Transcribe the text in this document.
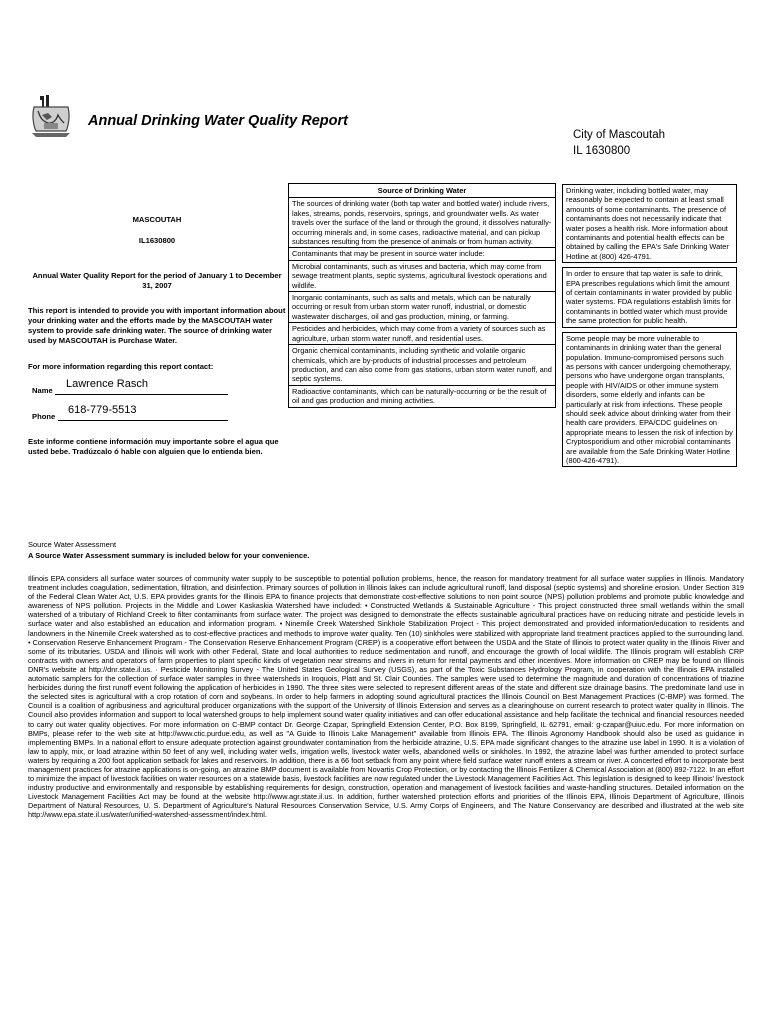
Annual Drinking Water Quality Report
City of Mascoutah
IL 1630800
MASCOUTAH
IL1630800
Annual Water Quality Report for the period of January 1 to December 31, 2007
This report is intended to provide you with important information about your drinking water and the efforts made by the MASCOUTAH water system to provide safe drinking water. The source of drinking water used by MASCOUTAH is Purchase Water.
For more information regarding this report contact:
Name
Lawrence Rasch
Phone
618-779-5513
Este informe contiene información muy importante sobre el agua que usted bebe. Tradúzcalo ó hable con alguien que lo entienda bien.
Source of Drinking Water
The sources of drinking water (both tap water and bottled water) include rivers, lakes, streams, ponds, reservoirs, springs, and groundwater wells. As water travels over the surface of the land or through the ground, it dissolves naturally-occurring minerals and, in some cases, radioactive material, and can pickup substances resulting from the presence of animals or from human activity.
Contaminants that may be present in source water include:
Microbial contaminants, such as viruses and bacteria, which may come from sewage treatment plants, septic systems, agricultural livestock operations and wildlife.
Inorganic contaminants, such as salts and metals, which can be naturally occurring or result from urban storm water runoff, industrial, or domestic wastewater discharges, oil and gas production, mining, or farming.
Pesticides and herbicides, which may come from a variety of sources such as agriculture, urban storm water runoff, and residential uses.
Organic chemical contaminants, including synthetic and volatile organic chemicals, which are by-products of industrial processes and petroleum production, and can also come from gas stations, urban storm water runoff, and septic systems.
Radioactive contaminants, which can be naturally-occurring or be the result of oil and gas production and mining activities.
Drinking water, including bottled water, may reasonably be expected to contain at least small amounts of some contaminants. The presence of contaminants does not necessarily indicate that water poses a health risk. More information about contaminants and potential health effects can be obtained by calling the EPA's Safe Drinking Water Hotline at (800) 426-4791.
In order to ensure that tap water is safe to drink, EPA prescribes regulations which limit the amount of certain contaminants in water provided by public water systems. FDA regulations establish limits for contaminants in bottled water which must provide the same protection for public health.
Some people may be more vulnerable to contaminants in drinking water than the general population. Immuno-compromised persons such as persons with cancer undergoing chemotherapy, persons who have undergone organ transplants, people with HIV/AIDS or other immune system disorders, some elderly and infants can be particularly at risk from infections. These people should seek advice about drinking water from their health care providers. EPA/CDC guidelines on appropriate means to lessen the risk of infection by Cryptosporidium and other microbial contaminants are available from the Safe Drinking Water Hotline (800-426-4791).
Source Water Assessment
A Source Water Assessment summary is included below for your convenience.
Illinois EPA considers all surface water sources of community water supply to be susceptible to potential pollution problems, hence, the reason for mandatory treatment for all surface water supplies in Illinois. Mandatory treatment includes coagulation, sedimentation, filtration, and disinfection. Primary sources of pollution in Illinois lakes can include agricultural runoff, land disposal (septic systems) and shoreline erosion. Under Section 319 of the Federal Clean Water Act, U.S. EPA provides grants for the Illinois EPA to finance projects that demonstrate cost-effective solutions to non point source (NPS) pollution problems and promote public knowledge and awareness of NPS pollution. Projects in the Middle and Lower Kaskaskia Watershed have included: • Constructed Wetlands & Sustainable Agriculture - This project constructed three small wetlands within the small watershed of a tributary of Richland Creek to filter contaminants from surface water. The project was designed to demonstrate the effects sustainable agricultural practices have on reducing nitrate and pesticide levels in surface water and also established an education and information program. • Ninemile Creek Watershed Sinkhole Stabilization Project - This project demonstrated and provided information/education to residents and landowners in the Ninemile Creek watershed as to cost-effective practices and methods to improve water quality. Ten (10) sinkholes were stabilized with appropriate land treatment practices applied to the surrounding land. • Conservation Reserve Enhancement Program - The Conservation Reserve Enhancement Program (CREP) is a cooperative effort between the USDA and the State of Illinois to protect water quality in the Illinois River and some of its tributaries. USDA and Illinois will work with other Federal, State and local authorities to reduce sedimentation and runoff, and encourage the growth of local wildlife. The Illinois program will establish CRP contracts with owners and operators of farm properties to plant specific kinds of vegetation near streams and rivers in return for rental payments and other incentives. More information on CREP may be found on Illinois DNR's website at http://dnr.state.il.us. · Pesticide Monitoring Survey - The United States Geological Survey (USGS), as part of the Toxic Substances Hydrology Program, in cooperation with the Illinois EPA installed automatic samplers for the collection of surface water samples in three watersheds in Iroquois, Platt and St. Clair Counties. The samples were used to determine the magnitude and duration of concentrations of triazine herbicides during the first runoff event following the application of herbicides in 1990. The three sites were selected to represent different areas of the state and different size drainage basins. The predominate land use in the selected sites is agricultural with a crop rotation of corn and soybeans. In order to help farmers in adopting sound agricultural practices the Illinois Council on Best Management Practices (C-BMP) was formed. The Council is a coalition of agribusiness and agricultural producer organizations with the support of the University of Illinois Extension and serves as a clearinghouse on current research to protect water quality in Illinois. The Council also provides information and support to local watershed groups to help implement sound water quality initiatives and can offer educational assistance and help facilitate the technical and financial resources needed to carry out water quality objectives. For more information on C-BMP contact Dr. George Czapar, Springfield Extension Center, P.O. Box 8199, Springfield, IL 62791, email: g-czapar@uiuc.edu. For more information on BMPs, please refer to the web site at http://www.ctic.purdue.edu, as well as "A Guide to Illinois Lake Management" available from Illinois EPA. The Illinois Agronomy Handbook should also be used as guidance in implementing BMPs. In a national effort to ensure adequate protection against groundwater contamination from the herbicide atrazine, U.S. EPA made significant changes to the atrazine use label in 1990. It is a violation of law to apply, mix, or load atrazine within 50 feet of any well, including water wells, irrigation wells, livestock water wells, abandoned wells or sinkholes. In 1992, the atrazine label was further amended to protect surface waters by requiring a 200 foot application setback for lakes and reservoirs. In addition, there is a 66 foot setback from any point where field surface water runoff enters a stream or river. A concerted effort to incorporate best management practices for atrazine applications is on-going, an atrazine BMP document is available from Novartis Crop Protection, or by contacting the Illinois Fertilizer & Chemical Association at (800) 892-7122. In an effort to minimize the impact of livestock facilities on water resources on a statewide basis, livestock facilities are now regulated under the Livestock Management Facilities Act. This legislation is designed to keep Illinois' livestock industry productive and environmentally and responsible by establishing requirements for design, construction, operation and management of livestock facilities and waste-handling structures. Detailed information on the Livestock Management Facilities Act may be found at the website http://www.agr.state.il.us. In addition, further watershed protection efforts and priorities of the Illinois EPA, Illinois Department of Agriculture, Illinois Department of Natural Resources, U. S. Department of Agriculture's Natural Resources Conservation Service, U.S. Army Corps of Engineers, and The Nature Conservancy are described and illustrated at the web site http://www.epa.state.il.us/water/unified-watershed-assessment/index.html.
